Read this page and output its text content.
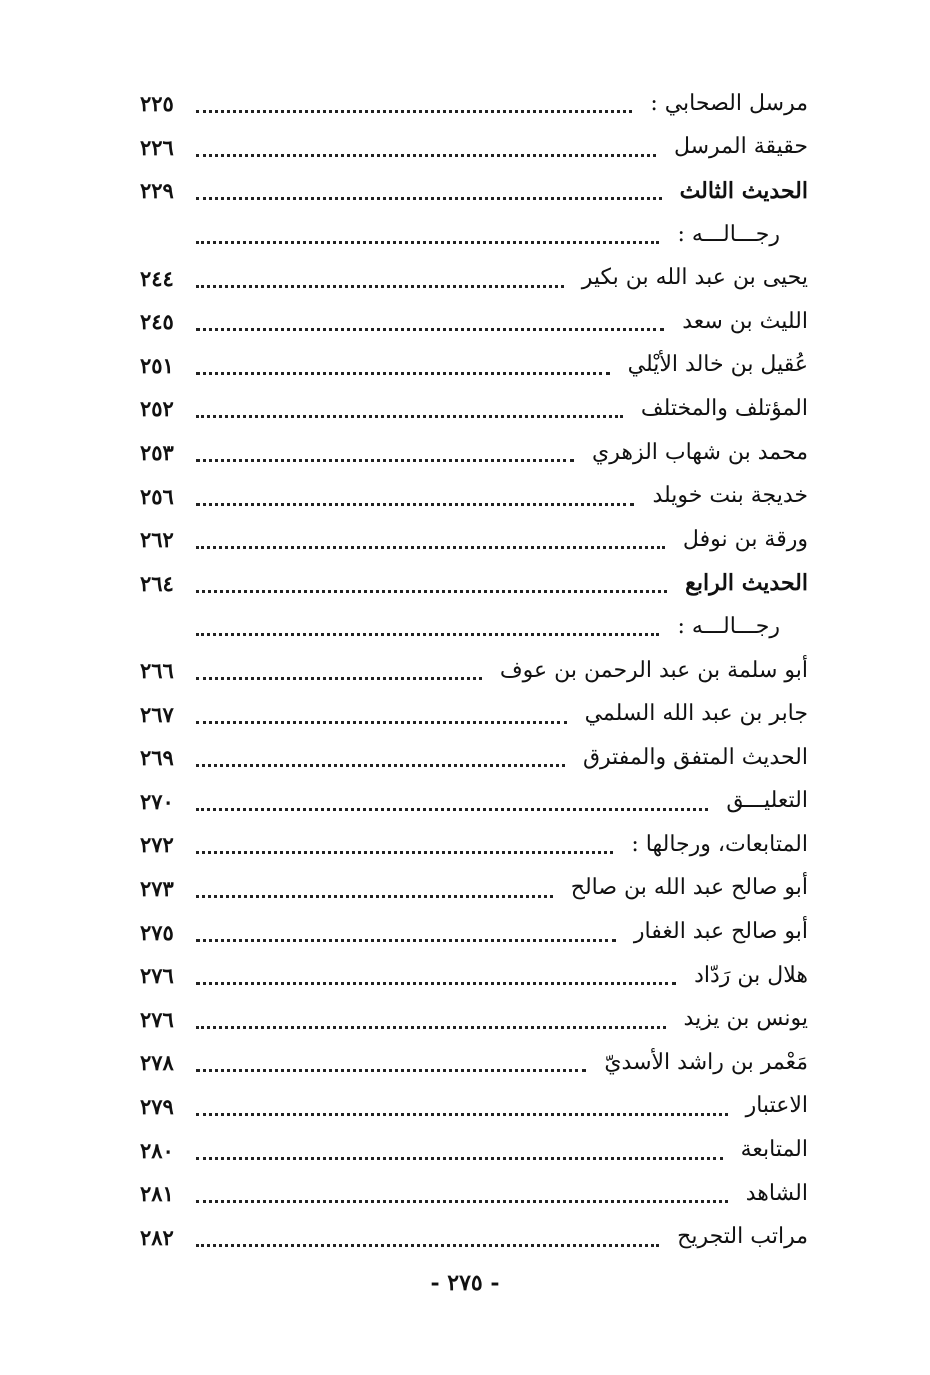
مرسل الصحابي :
٢٢٥
حقيقة المرسل
٢٢٦
الحديث الثالث
٢٢٩
رجـــالـــه :
يحيى بن عبد الله بن بكير
٢٤٤
الليث بن سعد
٢٤٥
عُقيل بن خالد الأيْلي
٢٥١
المؤتلف والمختلف
٢٥٢
محمد بن شهاب الزهري
٢٥٣
خديجة بنت خويلد
٢٥٦
ورقة بن نوفل
٢٦٢
الحديث الرابع
٢٦٤
رجـــالـــه :
أبو سلمة بن عبد الرحمن بن عوف
٢٦٦
جابر بن عبد الله السلمي
٢٦٧
الحديث المتفق والمفترق
٢٦٩
التعليـــق
٢٧٠
المتابعات، ورجالها :
٢٧٢
أبو صالح عبد الله بن صالح
٢٧٣
أبو صالح عبد الغفار
٢٧٥
هلال بن رَدّاد
٢٧٦
يونس بن يزيد
٢٧٦
مَعْمر بن راشد الأسديّ
٢٧٨
الاعتبار
٢٧٩
المتابعة
٢٨٠
الشاهد
٢٨١
مراتب التجريح
٢٨٢
- ٢٧٥ -
